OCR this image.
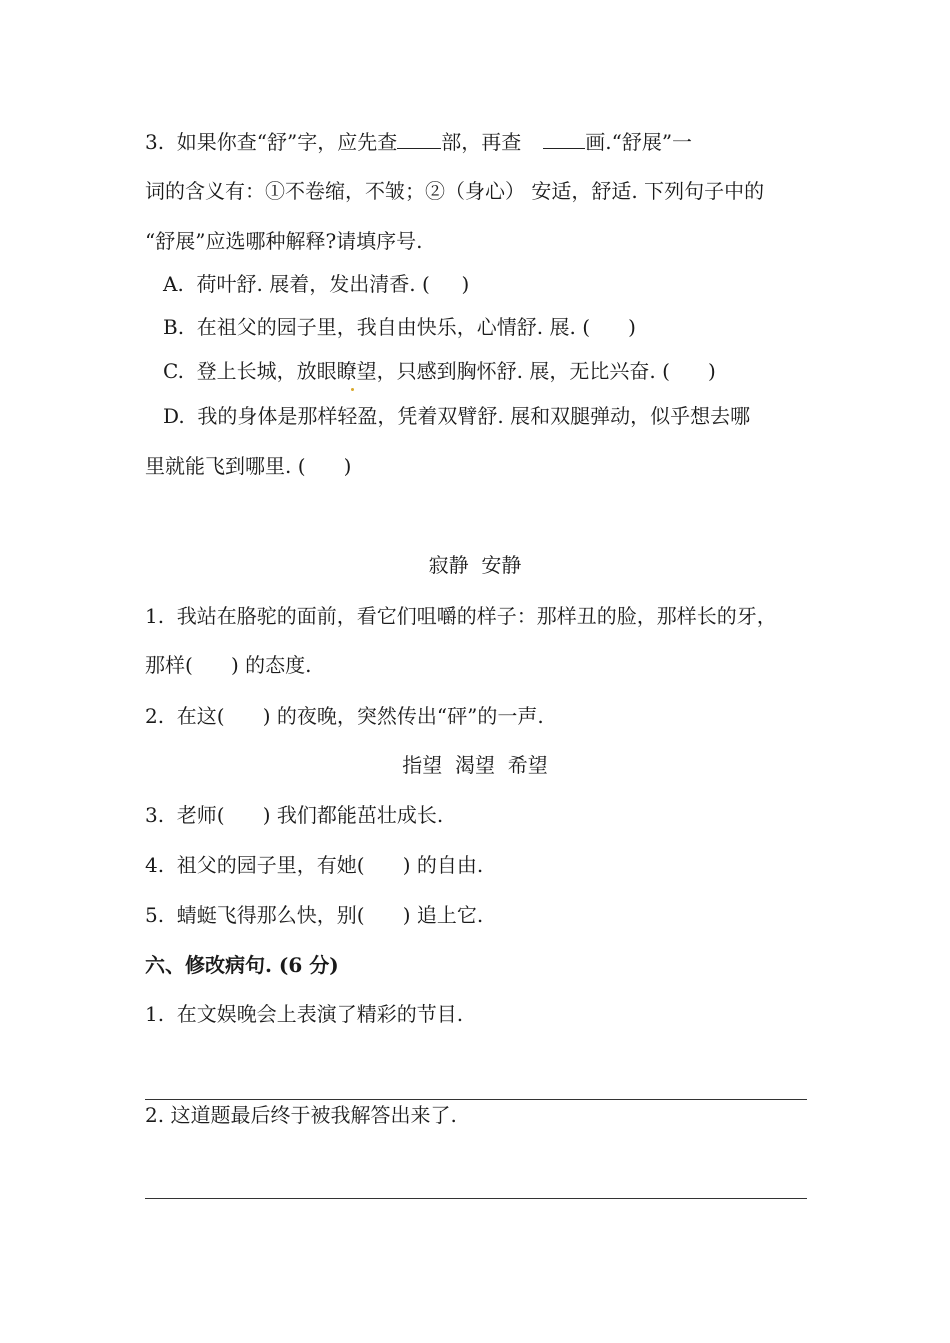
3.  如果你查“舒”字，应先查 部，再查	画.“舒展”一
词的含义有：①不卷缩，不皱；②（身心） 安适，舒适. 下列句子中的
“舒展”应选哪种解释?请填序号.
A.  荷叶舒. 展着，发出清香. (     )
B.  在祖父的园子里，我自由快乐，心情舒. 展. (      )
C.  登上长城，放眼瞭望，只感到胸怀舒. 展，无比兴奋. (      )
D.  我的身体是那样轻盈，凭着双臂舒. 展和双腿弹动，似乎想去哪
里就能飞到哪里. (      )
寂静  安静
1.  我站在胳驼的面前，看它们咀嚼的样子：那样丑的脸，那样长的牙，
那样(      ) 的态度.
2.  在这(      ) 的夜晚，突然传出“砰”的一声.
指望  渴望  希望
3.  老师(      ) 我们都能茁壮成长.
4.  祖父的园子里，有她(      ) 的自由.
5.  蜻蜓飞得那么快，别(      ) 追上它.
六、修改病句. (6 分)
1.  在文娱晚会上表演了精彩的节目.
2. 这道题最后终于被我解答出来了.
